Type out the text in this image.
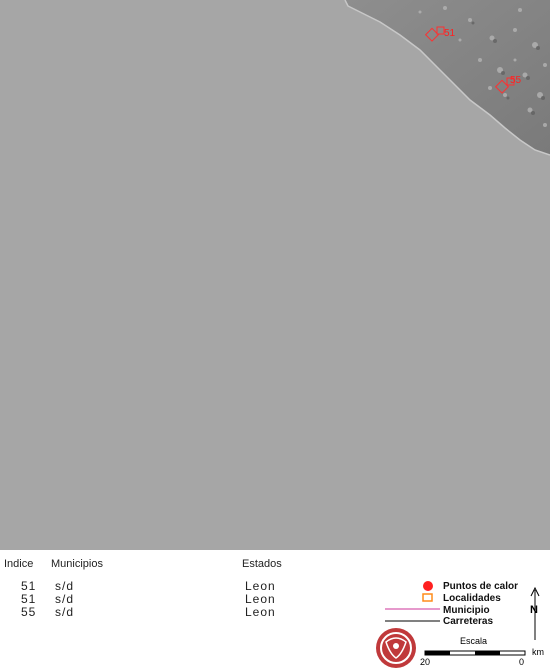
51
55
Indice Municipios	Estados
51 s/d	Leon
51 s/d	Leon
55 s/d	Leon
Puntos de calor
Localidades
Municipio
Carreteras
N
Escala
20	0
km
